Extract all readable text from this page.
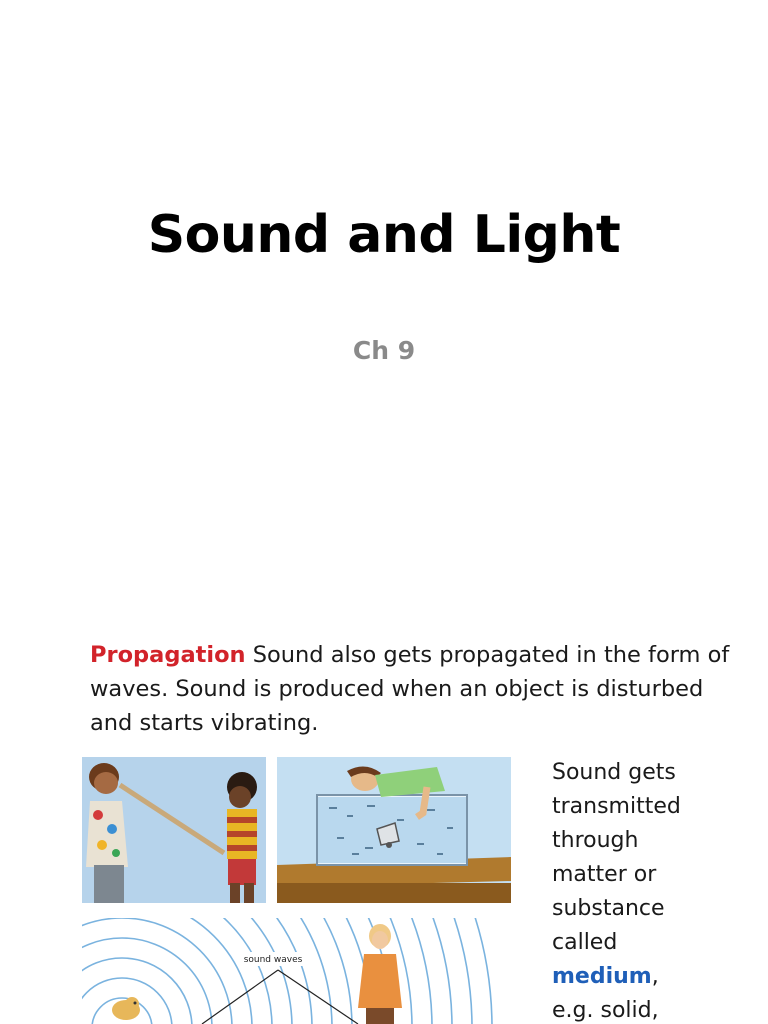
Sound and Light
Ch 9
Propagation Sound also gets propagated in the form of waves. Sound is produced when an object is disturbed and starts vibrating.
sound waves
Sound gets
transmitted
through
matter or
substance
called
medium,
e.g. solid,
